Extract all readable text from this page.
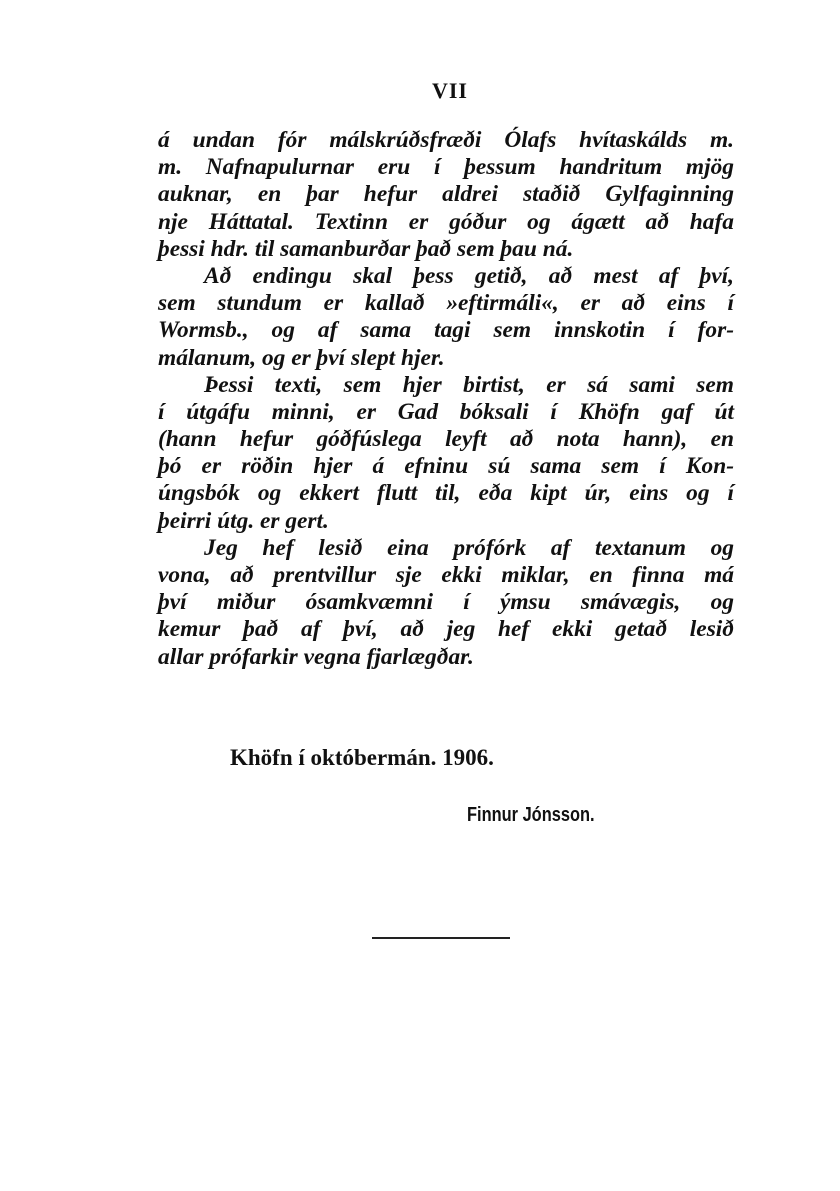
VII
á undan fór málskrúðsfræði Ólafs hvítaskálds m.
m. Nafnapulurnar eru í þessum handritum mjög
auknar, en þar hefur aldrei staðið Gylfaginning
nje Háttatal. Textinn er góður og ágætt að hafa
þessi hdr. til samanburðar það sem þau ná.
Að endingu skal þess getið, að mest af því,
sem stundum er kallað »eftirmáli«, er að eins í
Wormsb., og af sama tagi sem innskotin í for-
málanum, og er því slept hjer.
Þessi texti, sem hjer birtist, er sá sami sem
í útgáfu minni, er Gad bóksali í Khöfn gaf út
(hann hefur góðfúslega leyft að nota hann), en
þó er röðin hjer á efninu sú sama sem í Kon-
úngsbók og ekkert flutt til, eða kipt úr, eins og í
þeirri útg. er gert.
Jeg hef lesið eina prófórk af textanum og
vona, að prentvillur sje ekki miklar, en finna má
því miður ósamkvæmni í ýmsu smávægis, og
kemur það af því, að jeg hef ekki getað lesið
allar prófarkir vegna fjarlægðar.
Khöfn í októbermán. 1906.
Finnur Jónsson.
